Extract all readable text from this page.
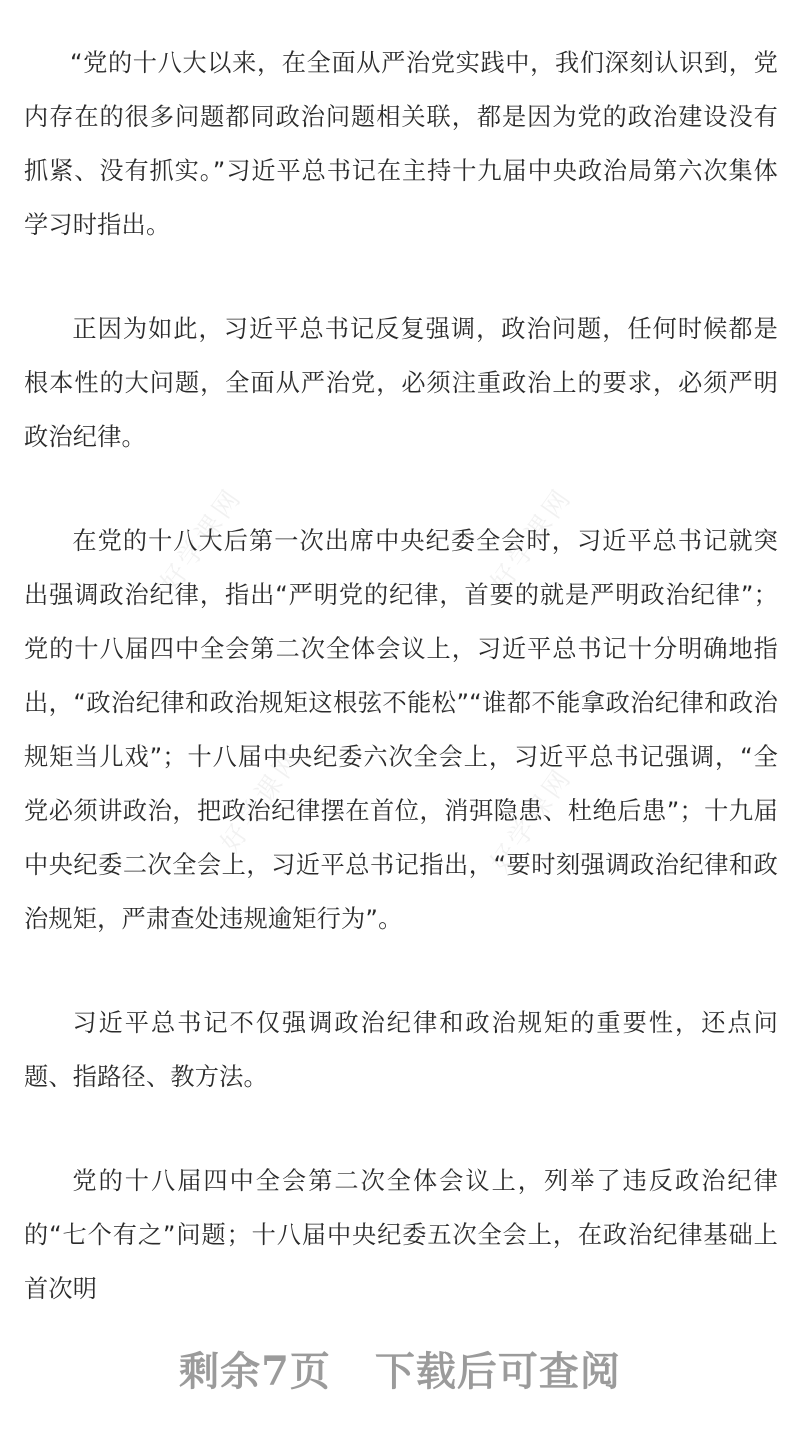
好学课网	好学课网
好学课网	好学课网

“党的十八大以来，在全面从严治党实践中，我们深刻认识到，党内存在的很多问题都同政治问题相关联，都是因为党的政治建设没有抓紧、没有抓实。”习近平总书记在主持十九届中央政治局第六次集体学习时指出。

正因为如此，习近平总书记反复强调，政治问题，任何时候都是根本性的大问题，全面从严治党，必须注重政治上的要求，必须严明政治纪律。

在党的十八大后第一次出席中央纪委全会时，习近平总书记就突出强调政治纪律，指出“严明党的纪律，首要的就是严明政治纪律”；党的十八届四中全会第二次全体会议上，习近平总书记十分明确地指出，“政治纪律和政治规矩这根弦不能松”“谁都不能拿政治纪律和政治规矩当儿戏”；十八届中央纪委六次全会上，习近平总书记强调，“全党必须讲政治，把政治纪律摆在首位，消弭隐患、杜绝后患”；十九届中央纪委二次全会上，习近平总书记指出，“要时刻强调政治纪律和政治规矩，严肃查处违规逾矩行为”。

习近平总书记不仅强调政治纪律和政治规矩的重要性，还点问题、指路径、教方法。

党的十八届四中全会第二次全体会议上，列举了违反政治纪律的“七个有之”问题；十八届中央纪委五次全会上，在政治纪律基础上首次明

剩余7页 下载后可查阅
